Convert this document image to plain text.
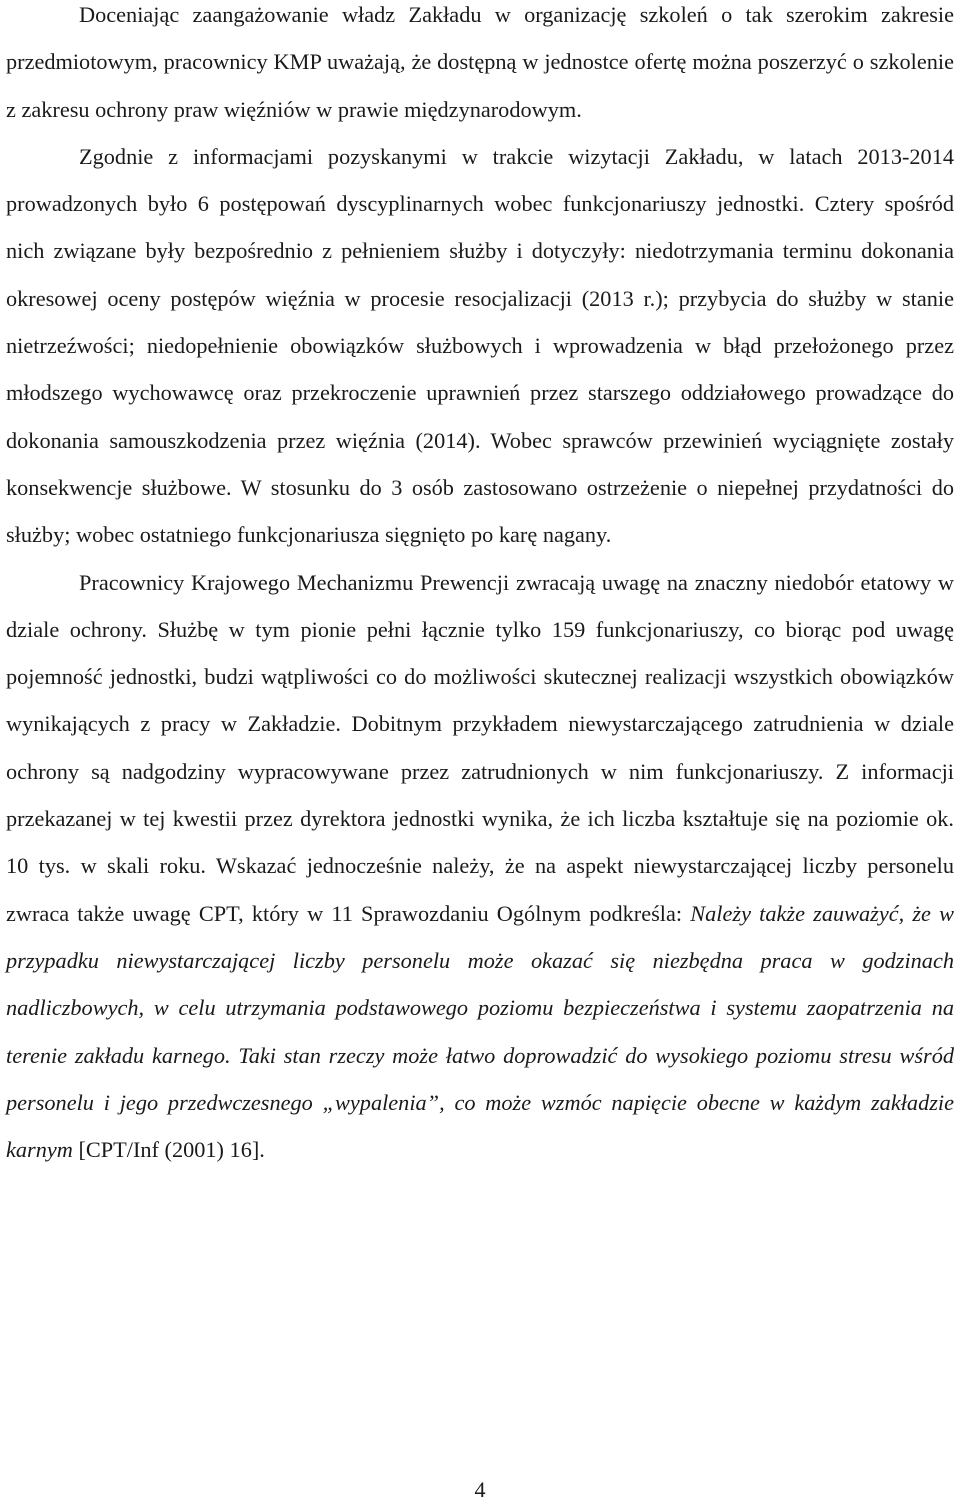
Doceniając zaangażowanie władz Zakładu w organizację szkoleń o tak szerokim zakresie przedmiotowym, pracownicy KMP uważają, że dostępną w jednostce ofertę można poszerzyć o szkolenie z zakresu ochrony praw więźniów w prawie międzynarodowym.

Zgodnie z informacjami pozyskanymi w trakcie wizytacji Zakładu, w latach 2013-2014 prowadzonych było 6 postępowań dyscyplinarnych wobec funkcjonariuszy jednostki. Cztery spośród nich związane były bezpośrednio z pełnieniem służby i dotyczyły: niedotrzymania terminu dokonania okresowej oceny postępów więźnia w procesie resocjalizacji (2013 r.); przybycia do służby w stanie nietrzeźwości; niedopełnienie obowiązków służbowych i wprowadzenia w błąd przełożonego przez młodszego wychowawcę oraz przekroczenie uprawnień przez starszego oddziałowego prowadzące do dokonania samouszkodzenia przez więźnia (2014). Wobec sprawców przewinień wyciągnięte zostały konsekwencje służbowe. W stosunku do 3 osób zastosowano ostrzeżenie o niepełnej przydatności do służby; wobec ostatniego funkcjonariusza sięgnięto po karę nagany.

Pracownicy Krajowego Mechanizmu Prewencji zwracają uwagę na znaczny niedobór etatowy w dziale ochrony. Służbę w tym pionie pełni łącznie tylko 159 funkcjonariuszy, co biorąc pod uwagę pojemność jednostki, budzi wątpliwości co do możliwości skutecznej realizacji wszystkich obowiązków wynikających z pracy w Zakładzie. Dobitnym przykładem niewystarczającego zatrudnienia w dziale ochrony są nadgodziny wypracowywane przez zatrudnionych w nim funkcjonariuszy. Z informacji przekazanej w tej kwestii przez dyrektora jednostki wynika, że ich liczba kształtuje się na poziomie ok. 10 tys. w skali roku. Wskazać jednocześnie należy, że na aspekt niewystarczającej liczby personelu zwraca także uwagę CPT, który w 11 Sprawozdaniu Ogólnym podkreśla: Należy także zauważyć, że w przypadku niewystarczającej liczby personelu może okazać się niezbędna praca w godzinach nadliczbowych, w celu utrzymania podstawowego poziomu bezpieczeństwa i systemu zaopatrzenia na terenie zakładu karnego. Taki stan rzeczy może łatwo doprowadzić do wysokiego poziomu stresu wśród personelu i jego przedwczesnego „wypalenia”, co może wzmóc napięcie obecne w każdym zakładzie karnym [CPT/Inf (2001) 16].

4
